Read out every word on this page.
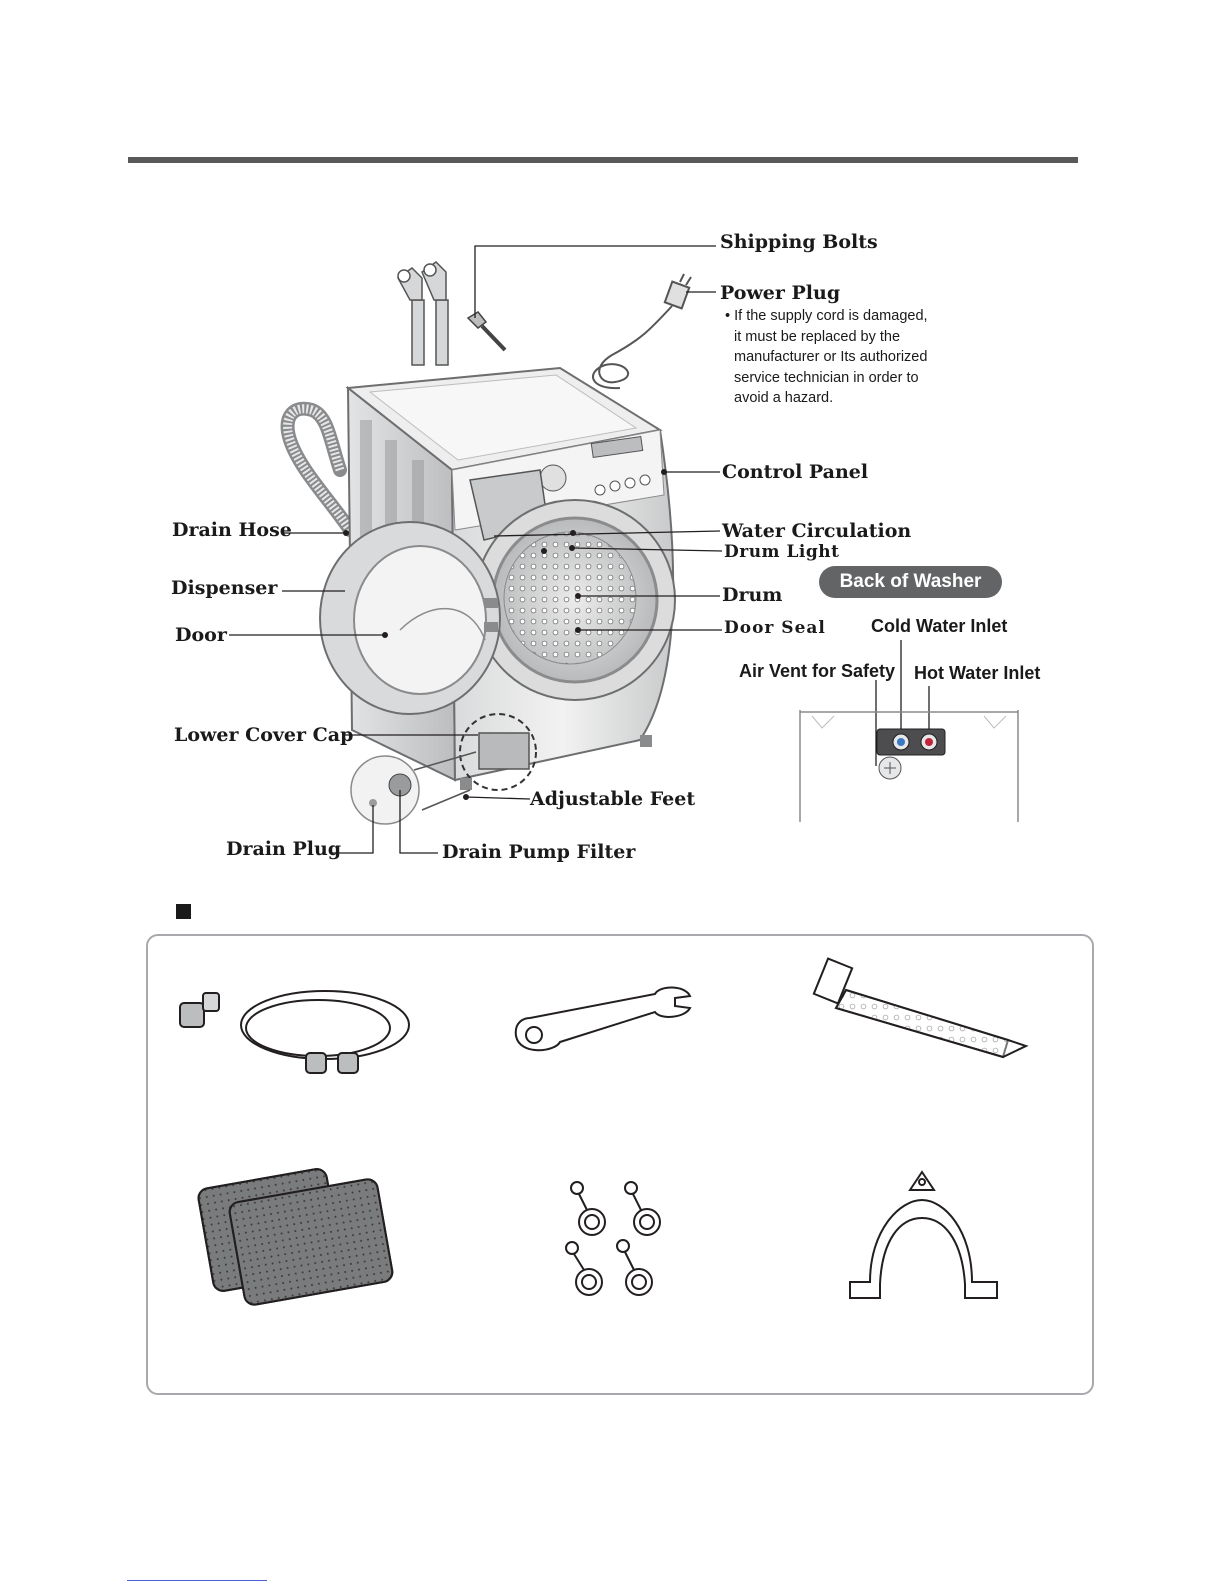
Shipping Bolts
Power Plug
• If the supply cord is damaged,
it must be replaced by the
manufacturer or Its authorized
service technician in order to
avoid a hazard.
Control Panel
Water Circulation
Drum Light
Drum
Door Seal
Drain Hose
Dispenser
Door
Lower Cover Cap
Adjustable Feet
Drain Plug	Drain Pump Filter
Back of Washer
Cold Water Inlet
Air Vent for Safety Hot Water Inlet
